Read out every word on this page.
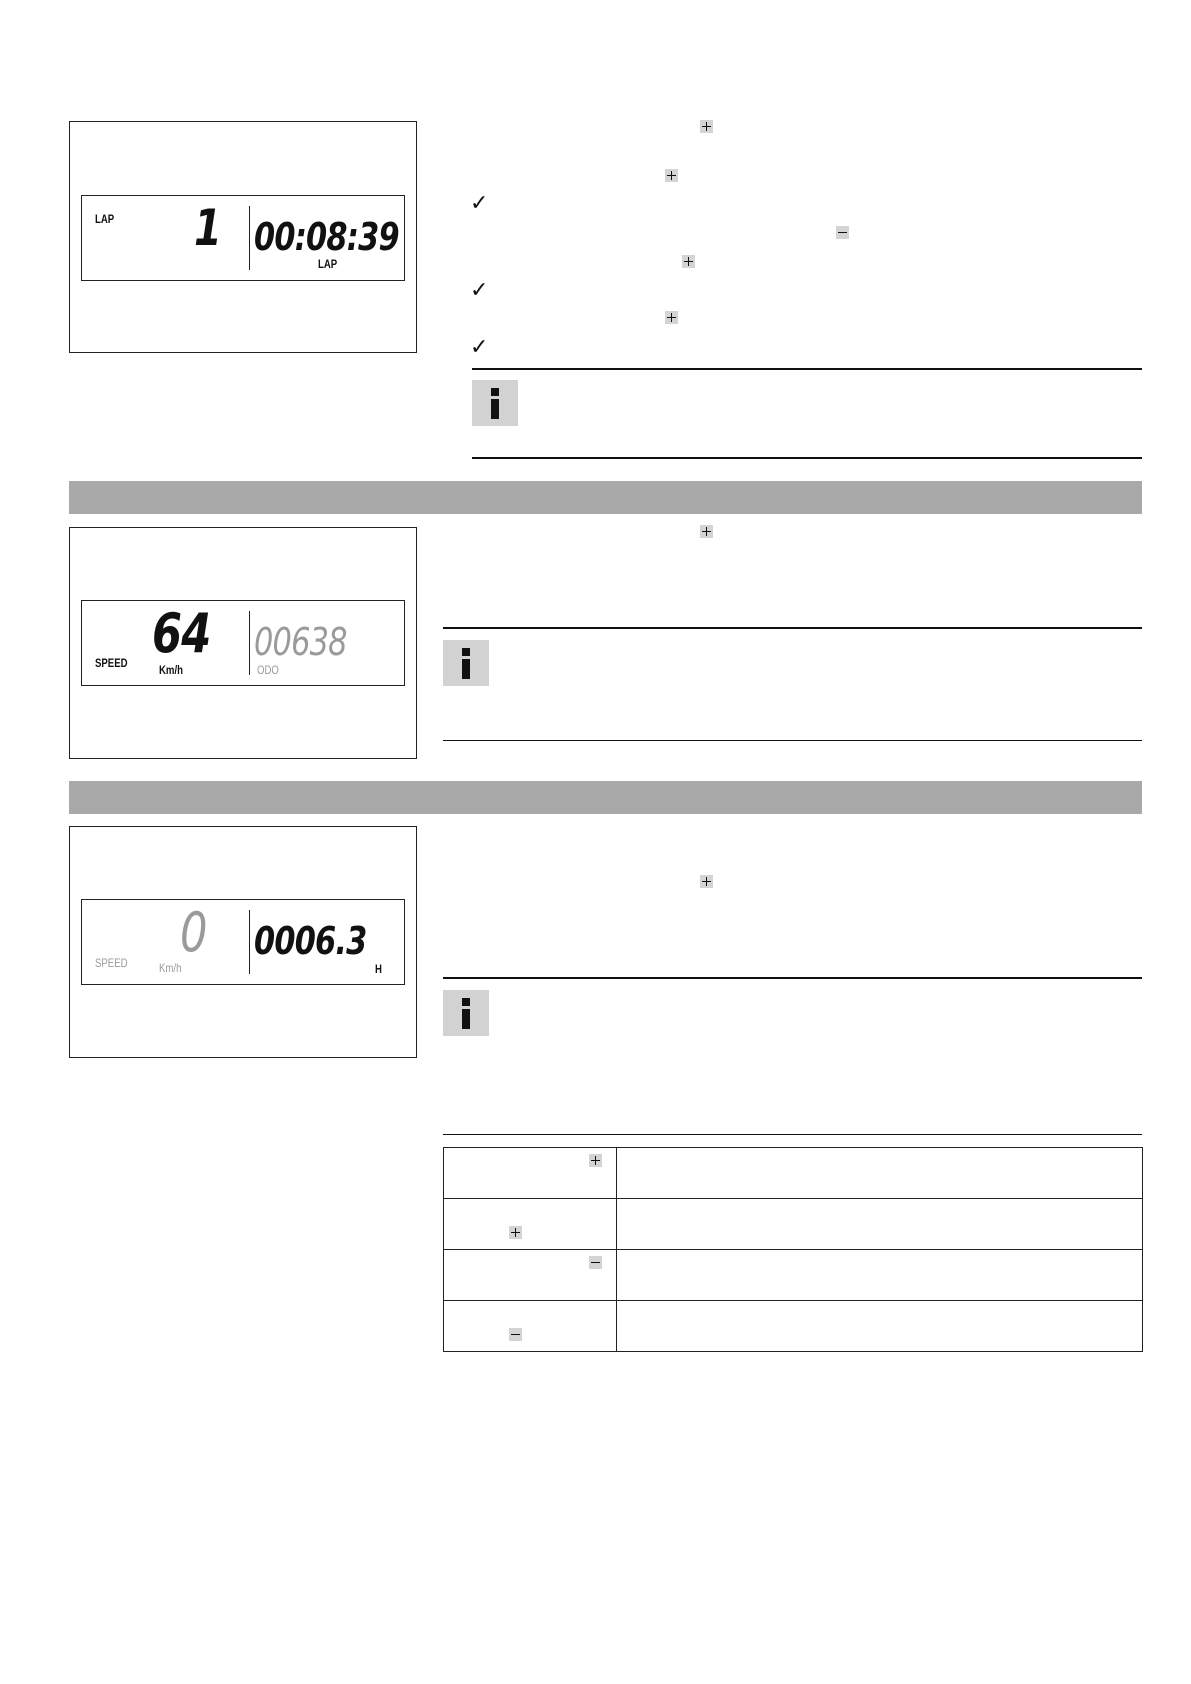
LAP 1 00:08:39
LAP
✓
✓
✓
64
SPEED	Km/h
00638
ODO
0
SPEED	Km/h
0006.3
H
